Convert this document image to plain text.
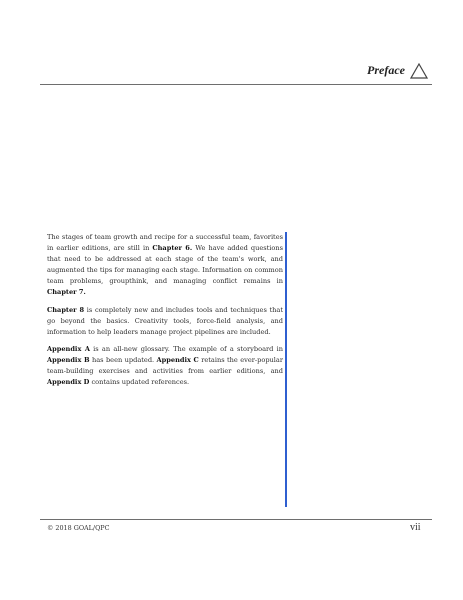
Preface

The stages of team growth and recipe for a successful team, favorites in earlier editions, are still in Chapter 6. We have added questions that need to be addressed at each stage of the team's work, and augmented the tips for managing each stage. Information on common team problems, groupthink, and managing conflict remains in Chapter 7.

Chapter 8 is completely new and includes tools and techniques that go beyond the basics. Creativity tools, force-field analysis, and information to help leaders manage project pipelines are included.

Appendix A is an all-new glossary. The example of a storyboard in Appendix B has been updated. Appendix C retains the ever-popular team-building exercises and activities from earlier editions, and Appendix D contains updated references.

© 2018 GOAL/QPC	vii
